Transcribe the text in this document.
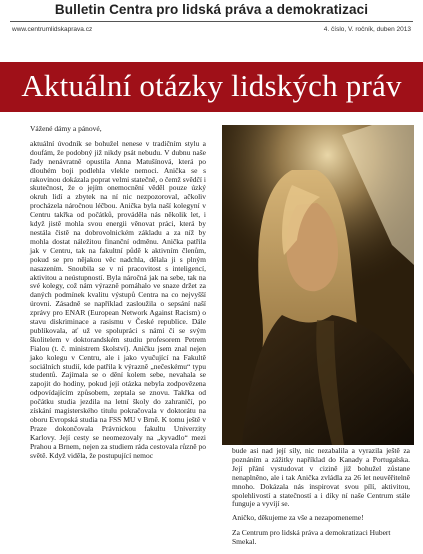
Bulletin Centra pro lidská práva a demokratizaci
www.centrumlidskaprava.cz	4. číslo, V. ročník, duben 2013
Aktuální otázky lidských práv

Vážené dámy a pánové,

aktuální úvodník se bohužel nenese v tradičním stylu a doufám, že podobný již nikdy psát nebudu. V dubnu naše řady nenávratně opustila Anna Matušínová, která po dlouhém boji podlehla vlekle nemoci. Anička se s rakovinou dokázala poprat velmi statečně, o čemž svědčí i skutečnost, že o jejím onemocnění věděl pouze úzký okruh lidí a zbytek na ní nic nezpozoroval, ačkoliv procházela náročnou léčbou. Anička byla naší kolegyní v Centru takřka od počátků, prováděla nás několik let, i když jistě mohla svou energii věnovat práci, která by nestála čistě na dobrovolnickém základu a za níž by mohla dostat náležitou finanční odměnu. Anička patřila jak v Centru, tak na fakultní půdě k aktivním členům, pokud se pro nějakou věc nadchla, dělala ji s plným nasazením. Snoubila se v ní pracovitost s inteligencí, aktivitou a neústupností. Byla náročná jak na sebe, tak na své kolegy, což nám výrazně pomáhalo ve snaze držet za daných podmínek kvalitu výstupů Centra na co nejvyšší úrovni. Zásadně se například zasloužila o sepsání naší zprávy pro ENAR (European Network Against Racism) o stavu diskriminace a rasismu v České republice. Dále publikovala, ať už ve spolupráci s námi či se svým školitelem v doktorandském studiu profesorem Petrem Fialou (t. č. ministrem školství). Aničku jsem znal nejen jako kolegu v Centru, ale i jako vyučující na Fakultě sociálních studií, kde patřila k výrazně „nečeskému“ typu studentů. Zajímala se o dění kolem sebe, nevahala se zapojit do hodiny, pokud její otázka nebyla zodpovězena odpovídajícím způsobem, zeptala se znovu. Takřka od počátku studia jezdila na letní školy do zahraničí, po získání magisterského titulu pokračovala v doktorátu na oboru Evropská studia na FSS MU v Brně. K tomu ještě v Praze dokončovala Právnickou fakultu Univerzity Karlovy. Její cesty se neomezovaly na „kyvadlo“ mezi Prahou a Brnem, nejen za studiem ráda cestovala různě po světě. Když viděla, že postupující nemoc

bude asi nad její síly, nic nezabalila a vyrazila ještě za poznáním a zážitky například do Kanady a Portugalska. Její přání vystudovat v cizině již bohužel zůstane nenaplněno, ale i tak Anička zvládla za 26 let neuvěřitelně mnoho. Dokázala nás inspirovat svou pílí, aktivitou, spolehlivostí a statečností a i díky ní naše Centrum stále funguje a vyvíjí se.

Aničko, děkujeme za vše a nezapomeneme!

Za Centrum pro lidská práva a demokratizaci Hubert Smekal.
